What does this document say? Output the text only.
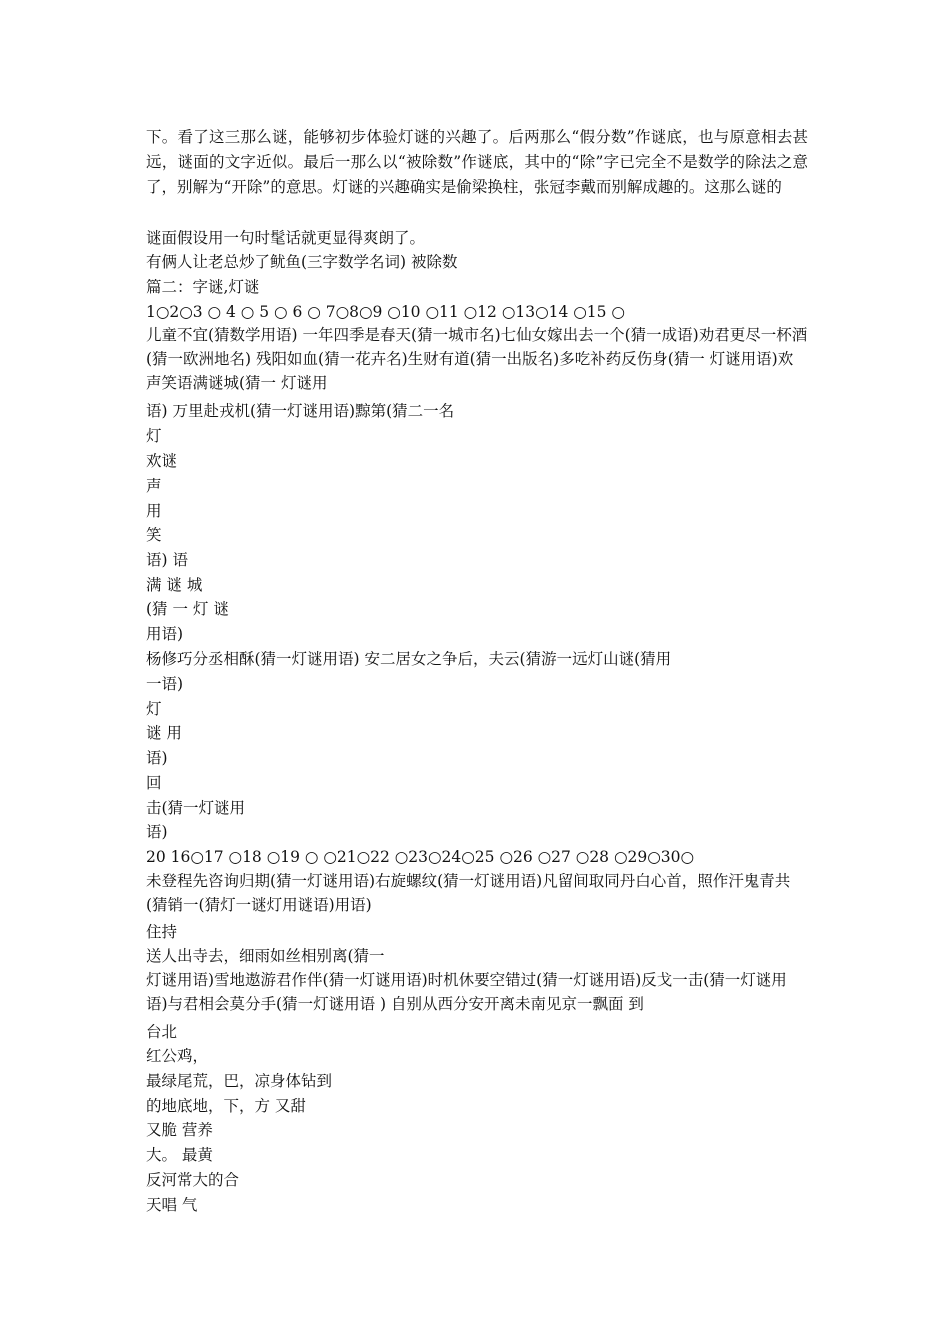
下。看了这三那么谜，能够初步体验灯谜的兴趣了。后两那么“假分数”作谜底，也与原意相去甚远，谜面的文字近似。最后一那么以“被除数”作谜底，其中的“除”字已完全不是数学的除法之意了，别解为“开除”的意思。灯谜的兴趣确实是偷梁换柱，张冠李戴而别解成趣的。这那么谜的
谜面假设用一句时髦话就更显得爽朗了。
有俩人让老总炒了鱿鱼(三字数学名词) 被除数
篇二：字谜,灯谜
1○2○3 ○ 4 ○ 5 ○ 6 ○ 7○8○9 ○10 ○11 ○12 ○13○14 ○15 ○
儿童不宜(猜数学用语) 一年四季是春天(猜一城市名)七仙女嫁出去一个(猜一成语)劝君更尽一杯酒(猜一欧洲地名) 残阳如血(猜一花卉名)生财有道(猜一出版名)多吃补药反伤身(猜一 灯谜用语)欢声笑语满谜城(猜一 灯谜用
语) 万里赴戎机(猜一灯谜用语)黥第(猜二一名
灯
欢谜
声
用
笑
语) 语
满 谜 城
(猜 一 灯 谜
用语)
杨修巧分丞相酥(猜一灯谜用语) 安二居女之争后，夫云(猜游一远灯山谜(猜用
一语)
灯
谜 用
语)
回
击(猜一灯谜用
语)
20 16○17 ○18 ○19 ○ ○21○22 ○23○24○25 ○26 ○27 ○28 ○29○30○
未登程先咨询归期(猜一灯谜用语)右旋螺纹(猜一灯谜用语)凡留间取同丹白心首，照作汗鬼青共(猜销一(猜灯一谜灯用谜语)用语)
住持
送人出寺去，细雨如丝相别离(猜一
灯谜用语)雪地遨游君作伴(猜一灯谜用语)时机休要空错过(猜一灯谜用语)反戈一击(猜一灯谜用语)与君相会莫分手(猜一灯谜用语 ) 自别从西分安开离未南见京一飘面 到
台北
红公鸡，
最绿尾荒，巴，凉身体钻到
的地底地，下，方 又甜
又脆 营养
大。 最黄
反河常大的合
天唱 气
